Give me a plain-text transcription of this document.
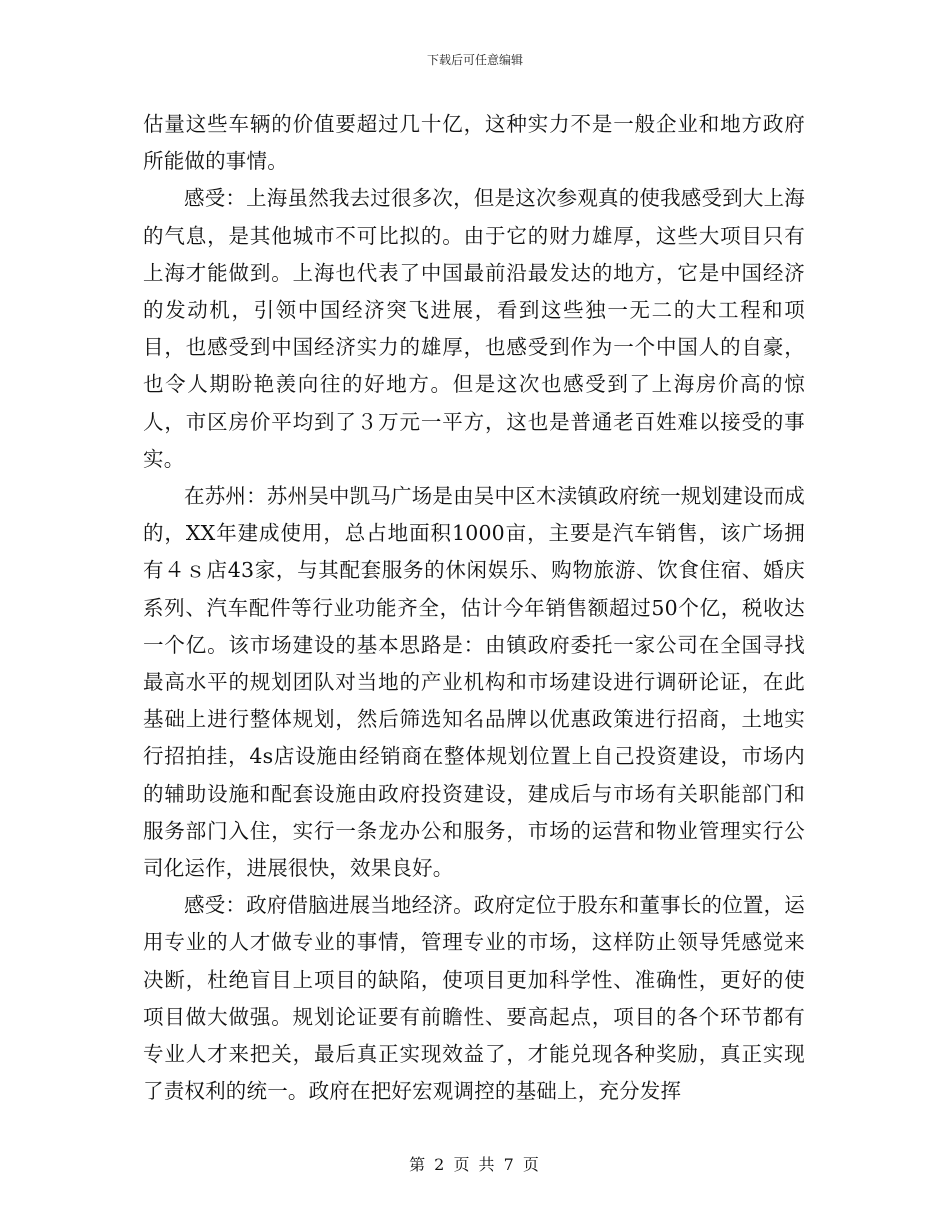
下载后可任意编辑

估量这些车辆的价值要超过几十亿，这种实力不是一般企业和地方政府所能做的事情。

感受：上海虽然我去过很多次，但是这次参观真的使我感受到大上海的气息，是其他城市不可比拟的。由于它的财力雄厚，这些大项目只有上海才能做到。上海也代表了中国最前沿最发达的地方，它是中国经济的发动机，引领中国经济突飞进展，看到这些独一无二的大工程和项目，也感受到中国经济实力的雄厚，也感受到作为一个中国人的自豪，也令人期盼艳羡向往的好地方。但是这次也感受到了上海房价高的惊人，市区房价平均到了３万元一平方，这也是普通老百姓难以接受的事实。

在苏州：苏州吴中凯马广场是由吴中区木渎镇政府统一规划建设而成的，XX年建成使用，总占地面积1000亩，主要是汽车销售，该广场拥有４ｓ店43家，与其配套服务的休闲娱乐、购物旅游、饮食住宿、婚庆系列、汽车配件等行业功能齐全，估计今年销售额超过50个亿，税收达一个亿。该市场建设的基本思路是：由镇政府委托一家公司在全国寻找最高水平的规划团队对当地的产业机构和市场建设进行调研论证，在此基础上进行整体规划，然后筛选知名品牌以优惠政策进行招商，土地实行招拍挂，4s店设施由经销商在整体规划位置上自己投资建设，市场内的辅助设施和配套设施由政府投资建设，建成后与市场有关职能部门和服务部门入住，实行一条龙办公和服务，市场的运营和物业管理实行公司化运作，进展很快，效果良好。

感受：政府借脑进展当地经济。政府定位于股东和董事长的位置，运用专业的人才做专业的事情，管理专业的市场，这样防止领导凭感觉来决断，杜绝盲目上项目的缺陷，使项目更加科学性、准确性，更好的使项目做大做强。规划论证要有前瞻性、要高起点，项目的各个环节都有专业人才来把关，最后真正实现效益了，才能兑现各种奖励，真正实现了责权利的统一。政府在把好宏观调控的基础上，充分发挥

第 2 页 共 7 页
